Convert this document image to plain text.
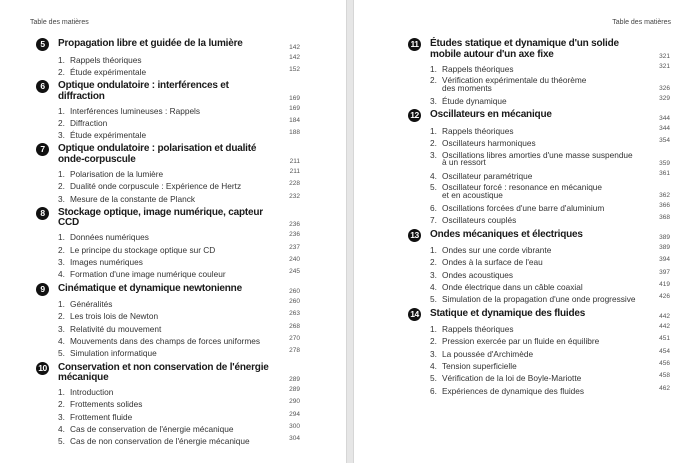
Table des matières	Table des matières
5	Propagation libre et guidée de la lumière	142
1. Rappels théoriques	142
2. Étude expérimentale	152
6	Optique ondulatoire : interférences et diffraction	169
1. Interférences lumineuses : Rappels	169
2. Diffraction	184
3. Étude expérimentale	188
7	Optique ondulatoire : polarisation et dualité
onde-corpuscule	211
1. Polarisation de la lumière	211
2. Dualité onde corpuscule : Expérience de Hertz	228
3. Mesure de la constante de Planck	232
8	Stockage optique, image numérique, capteur CCD	236
1. Données numériques	236
2. Le principe du stockage optique sur CD	237
3. Images numériques	240
4. Formation d'une image numérique couleur	245
9	Cinématique et dynamique newtonienne	260
1. Généralités	260
2. Les trois lois de Newton	263
3. Relativité du mouvement	268
4. Mouvements dans des champs de forces uniformes	270
5. Simulation informatique	278
10 Conservation et non conservation de l'énergie
mécanique	289
1. Introduction	289
2. Frottements solides	290
3. Frottement fluide	294
4. Cas de conservation de l'énergie mécanique	300
5. Cas de non conservation de l'énergie mécanique	304
11 Études statique et dynamique d'un solide
mobile autour d'un axe fixe	321
1. Rappels théoriques	321
2. Vérification expérimentale du théorème
des moments	326
3. Étude dynamique	329
12 Oscillateurs en mécanique	344
1. Rappels théoriques	344
2. Oscillateurs harmoniques	354
3. Oscillations libres amorties d'une masse suspendue
à un ressort	359
4. Oscillateur paramétrique	361
5. Oscillateur forcé : resonance en mécanique
et en acoustique	362
6. Oscillations forcées d'une barre d'aluminium	366
7. Oscillateurs couplés	368
13 Ondes mécaniques et électriques	389
1. Ondes sur une corde vibrante	389
2. Ondes à la surface de l'eau	394
3. Ondes acoustiques	397
4. Onde électrique dans un câble coaxial	419
5. Simulation de la propagation d'une onde progressive	426
14 Statique et dynamique des fluides	442
1. Rappels théoriques	442
2. Pression exercée par un fluide en équilibre	451
3. La poussée d'Archimède	454
4. Tension superficielle	456
5. Vérification de la loi de Boyle-Mariotte	458
6. Expériences de dynamique des fluides	462
